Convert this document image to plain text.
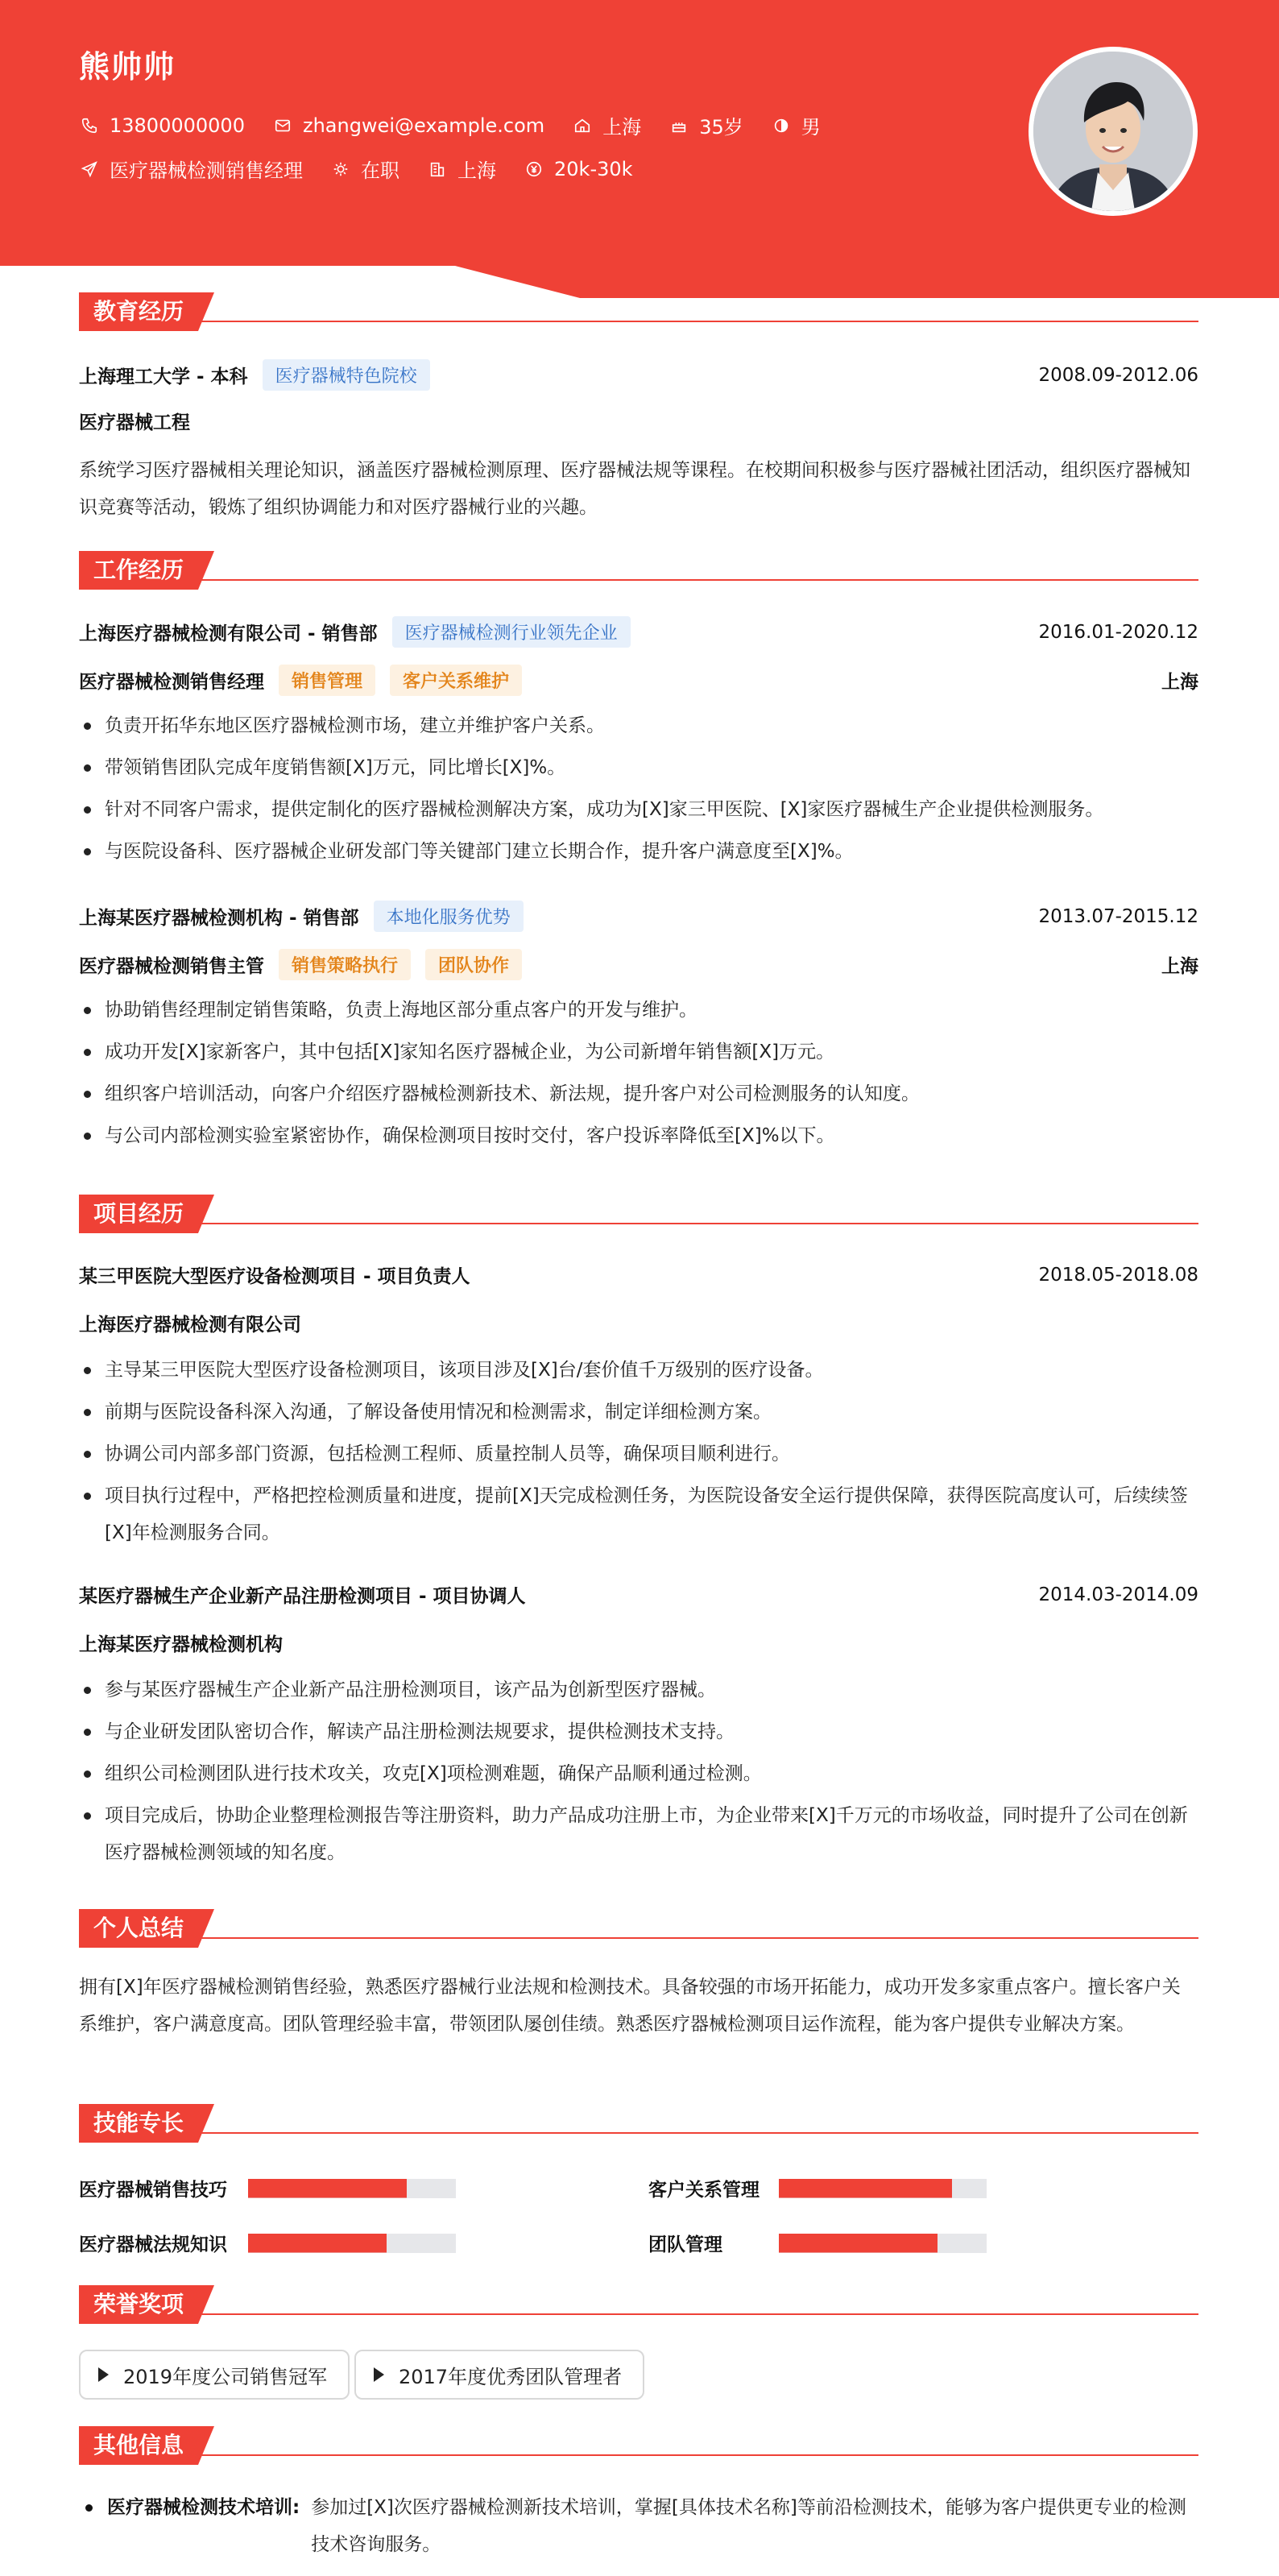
熊帅帅
13800000000	zhangwei@example.com	上海	35岁	男
医疗器械检测销售经理	在职	上海	20k-30k
教育经历
上海理工大学 - 本科	医疗器械特色院校	2008.09-2012.06
医疗器械工程
系统学习医疗器械相关理论知识，涵盖医疗器械检测原理、医疗器械法规等课程。在校期间积极参与医疗器械社团活动，组织医疗器械知识竞赛等活动，锻炼了组织协调能力和对医疗器械行业的兴趣。
工作经历
上海医疗器械检测有限公司 - 销售部	医疗器械检测行业领先企业	2016.01-2020.12
医疗器械检测销售经理	销售管理	客户关系维护	上海
负责开拓华东地区医疗器械检测市场，建立并维护客户关系。
带领销售团队完成年度销售额[X]万元，同比增长[X]%。
针对不同客户需求，提供定制化的医疗器械检测解决方案，成功为[X]家三甲医院、[X]家医疗器械生产企业提供检测服务。
与医院设备科、医疗器械企业研发部门等关键部门建立长期合作，提升客户满意度至[X]%。
上海某医疗器械检测机构 - 销售部	本地化服务优势	2013.07-2015.12
医疗器械检测销售主管	销售策略执行	团队协作	上海
协助销售经理制定销售策略，负责上海地区部分重点客户的开发与维护。
成功开发[X]家新客户，其中包括[X]家知名医疗器械企业，为公司新增年销售额[X]万元。
组织客户培训活动，向客户介绍医疗器械检测新技术、新法规，提升客户对公司检测服务的认知度。
与公司内部检测实验室紧密协作，确保检测项目按时交付，客户投诉率降低至[X]%以下。
项目经历
某三甲医院大型医疗设备检测项目 - 项目负责人	2018.05-2018.08
上海医疗器械检测有限公司
主导某三甲医院大型医疗设备检测项目，该项目涉及[X]台/套价值千万级别的医疗设备。
前期与医院设备科深入沟通，了解设备使用情况和检测需求，制定详细检测方案。
协调公司内部多部门资源，包括检测工程师、质量控制人员等，确保项目顺利进行。
项目执行过程中，严格把控检测质量和进度，提前[X]天完成检测任务，为医院设备安全运行提供保障，获得医院高度认可，后续续签[X]年检测服务合同。
某医疗器械生产企业新产品注册检测项目 - 项目协调人	2014.03-2014.09
上海某医疗器械检测机构
参与某医疗器械生产企业新产品注册检测项目，该产品为创新型医疗器械。
与企业研发团队密切合作，解读产品注册检测法规要求，提供检测技术支持。
组织公司检测团队进行技术攻关，攻克[X]项检测难题，确保产品顺利通过检测。
项目完成后，协助企业整理检测报告等注册资料，助力产品成功注册上市，为企业带来[X]千万元的市场收益，同时提升了公司在创新医疗器械检测领域的知名度。
个人总结
拥有[X]年医疗器械检测销售经验，熟悉医疗器械行业法规和检测技术。具备较强的市场开拓能力，成功开发多家重点客户。擅长客户关系维护，客户满意度高。团队管理经验丰富，带领团队屡创佳绩。熟悉医疗器械检测项目运作流程，能为客户提供专业解决方案。
技能专长
医疗器械销售技巧	客户关系管理
医疗器械法规知识	团队管理
荣誉奖项
2019年度公司销售冠军	2017年度优秀团队管理者
其他信息
医疗器械检测技术培训: 参加过[X]次医疗器械检测新技术培训，掌握[具体技术名称]等前沿检测技术，能够为客户提供更专业的检测技术咨询服务。
